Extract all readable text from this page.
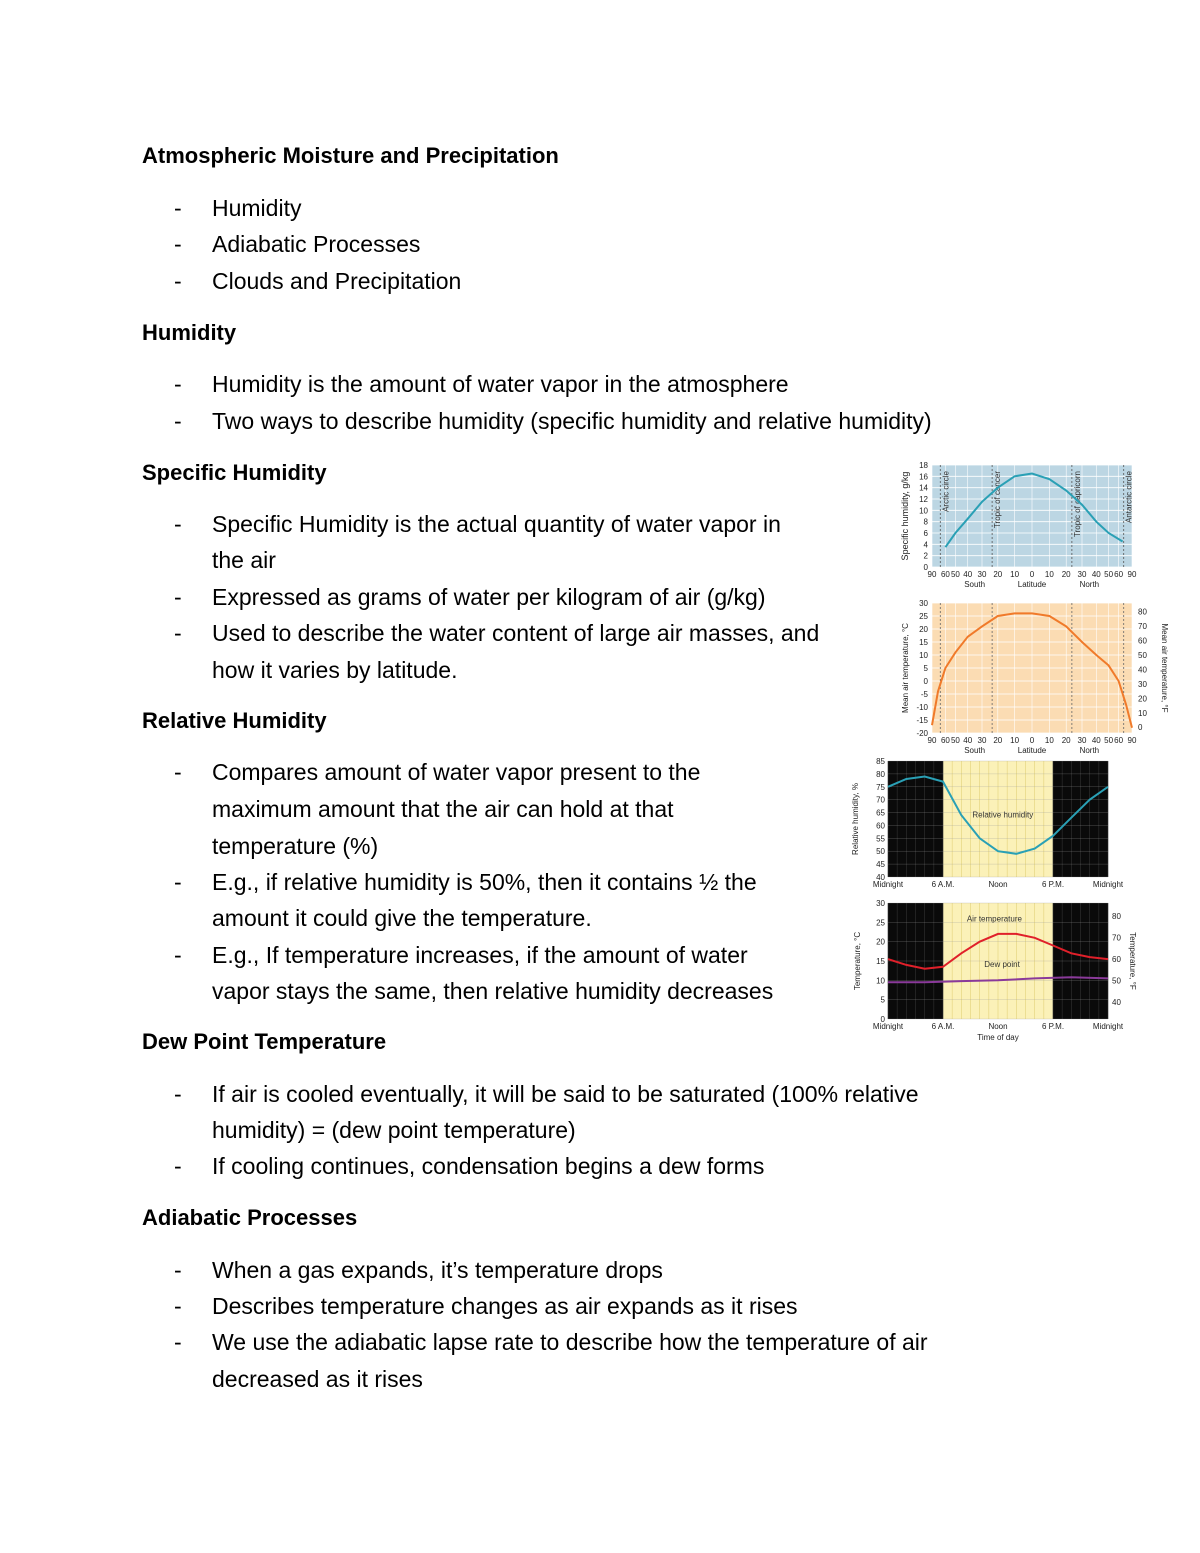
Atmospheric Moisture and Precipitation
- Humidity
- Adiabatic Processes
- Clouds and Precipitation
Humidity
- Humidity is the amount of water vapor in the atmosphere
- Two ways to describe humidity (specific humidity and relative humidity)
Specific Humidity
- Specific Humidity is the actual quantity of water vapor in
the air
- Expressed as grams of water per kilogram of air (g/kg)
- Used to describe the water content of large air masses, and
how it varies by latitude.
Relative Humidity
- Compares amount of water vapor present to the
maximum amount that the air can hold at that
temperature (%)
- E.g., if relative humidity is 50%, then it contains ½ the
amount it could give the temperature.
- E.g., If temperature increases, if the amount of water
vapor stays the same, then relative humidity decreases
Dew Point Temperature
- If air is cooled eventually, it will be said to be saturated (100% relative
humidity) = (dew point temperature)
- If cooling continues, condensation begins a dew forms
Adiabatic Processes
- When a gas expands, it’s temperature drops
- Describes temperature changes as air expands as it rises
- We use the adiabatic lapse rate to describe how the temperature of air
decreased as it rises
Arctic circle	Tropic of cancer	Tropic of capricorn	Antarctic circle
0
2
4
6
8
10
12
14
16
18
90 60 50 40 30 20 10 0 10 20 30 40 50 60 90
North
Latitude
South
Specific humidity, g/kg
-20
-15
-10
-5
0
5
10
15
20
25
30
0
10
20
30
40
50
60
70
80
90 60 50 40 30 20 10 0 10 20 30 40 50 60 90
North
Latitude
South
Mean air temperature, °C	Mean air temperature, °F
Midnight	6 A.M.	Noon	6 P.M.	Midnight
40
45
50
55
60
65
70
75
80
85
Relative humidity, %	Relative humidity
Midnight	6 A.M.	Noon	6 P.M.	Midnight
0
5
10
15
20
25
30
40
50
60
70
80
Temperature, °C	Temperature, °F
Time of day
Air temperature
Dew point
